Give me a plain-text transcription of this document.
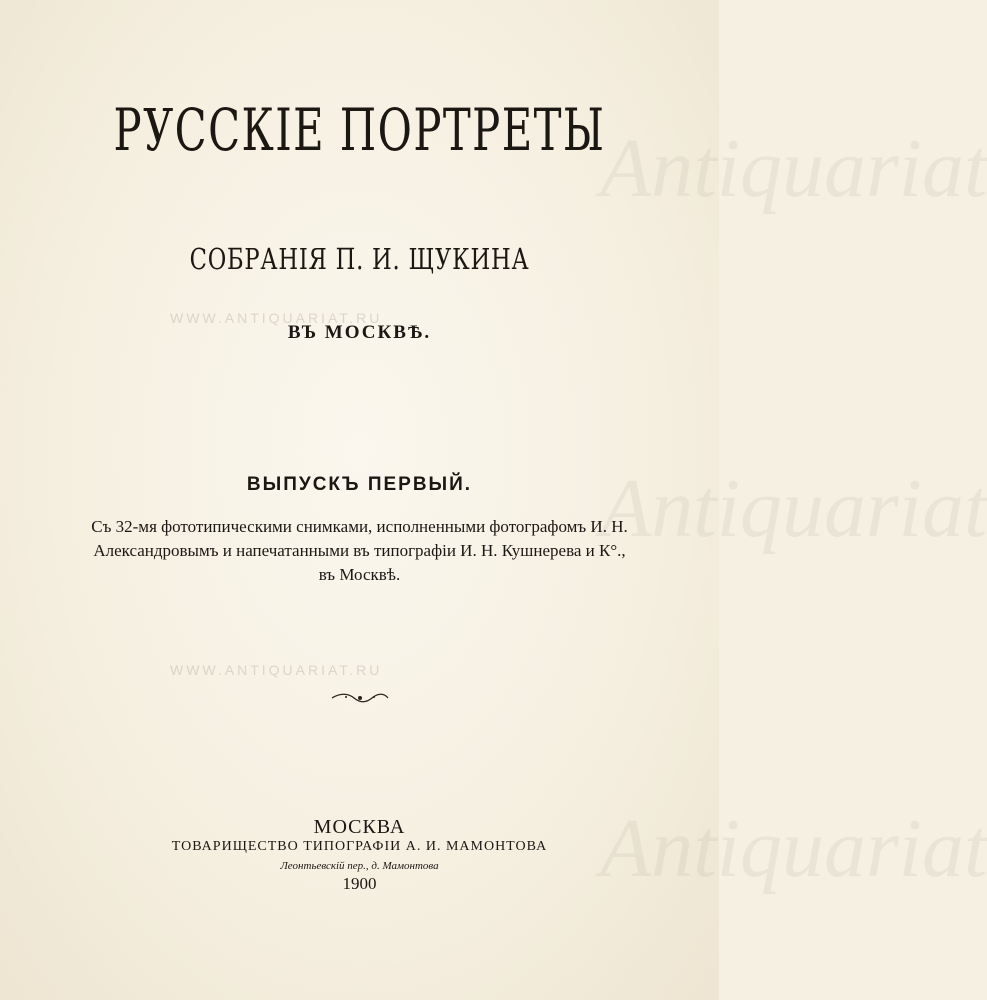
WWW.ANTIQUARIAT.RU
WWW.ANTIQUARIAT.RU
Antiquariat
Antiquariat
Antiquariat
РУССКІЕ ПОРТРЕТЫ
СОБРАНІЯ П. И. ЩУКИНА
ВЪ МОСКВѢ.
ВЫПУСКЪ ПЕРВЫЙ.
Съ 32-мя фототипическими снимками, исполненными фотографомъ И. Н.
Александровымъ и напечатанными въ типографіи И. Н. Кушнерева и К°.,
въ Москвѣ.
МОСКВА
ТОВАРИЩЕСТВО ТИПОГРАФІИ А. И. МАМОНТОВА
Леонтьевскій пер., д. Мамонтова
1900
